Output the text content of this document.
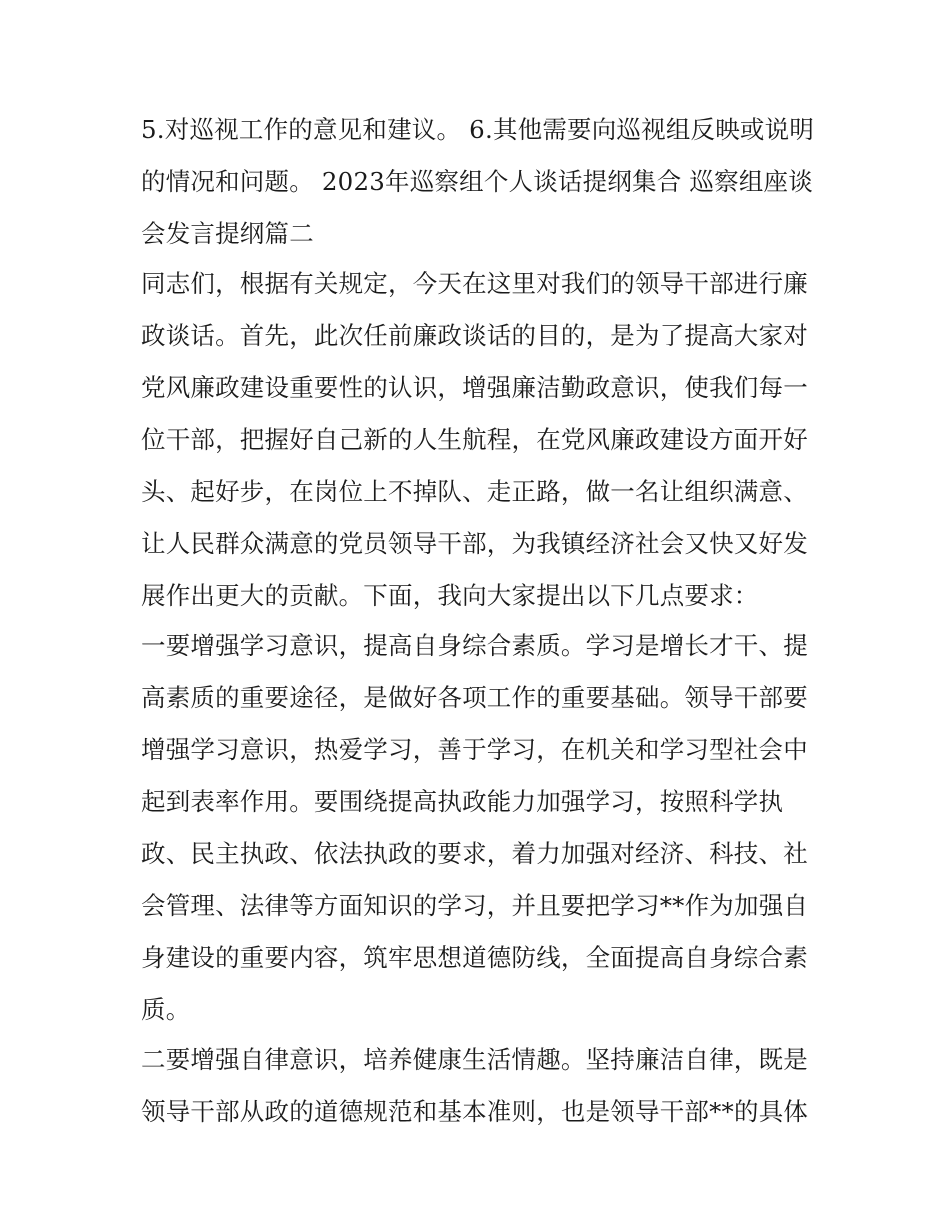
5.对巡视工作的意见和建议。 6.其他需要向巡视组反映或说明
的情况和问题。 2023年巡察组个人谈话提纲集合 巡察组座谈
会发言提纲篇二
同志们，根据有关规定，今天在这里对我们的领导干部进行廉
政谈话。首先，此次任前廉政谈话的目的，是为了提高大家对
党风廉政建设重要性的认识，增强廉洁勤政意识，使我们每一
位干部，把握好自己新的人生航程，在党风廉政建设方面开好
头、起好步，在岗位上不掉队、走正路，做一名让组织满意、
让人民群众满意的党员领导干部，为我镇经济社会又快又好发
展作出更大的贡献。下面，我向大家提出以下几点要求：
一要增强学习意识，提高自身综合素质。学习是增长才干、提
高素质的重要途径，是做好各项工作的重要基础。领导干部要
增强学习意识，热爱学习，善于学习，在机关和学习型社会中
起到表率作用。要围绕提高执政能力加强学习，按照科学执
政、民主执政、依法执政的要求，着力加强对经济、科技、社
会管理、法律等方面知识的学习，并且要把学习**作为加强自
身建设的重要内容，筑牢思想道德防线，全面提高自身综合素
质。
二要增强自律意识，培养健康生活情趣。坚持廉洁自律，既是
领导干部从政的道德规范和基本准则，也是领导干部**的具体
